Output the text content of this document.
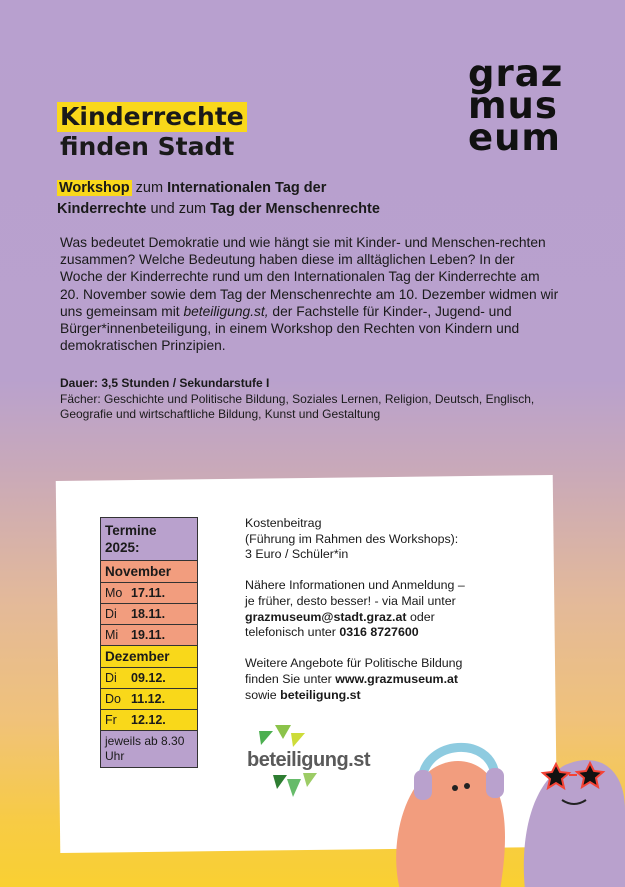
graz
mus
eum
Kinderrechte
finden Stadt
Workshop zum Internationalen Tag der
Kinderrechte und zum Tag der Menschenrechte
Was bedeutet Demokratie und wie hängt sie mit Kinder- und Menschen-rechten zusammen? Welche Bedeutung haben diese im alltäglichen Leben? In der Woche der Kinderrechte rund um den Internationalen Tag der Kinderrechte am 20. November sowie dem Tag der Menschenrechte am 10. Dezember widmen wir uns gemeinsam mit beteiligung.st, der Fachstelle für Kinder-, Jugend- und Bürger*innenbeteiligung, in einem Workshop den Rechten von Kindern und demokratischen Prinzipien.
Dauer: 3,5 Stunden / Sekundarstufe I
Fächer: Geschichte und Politische Bildung, Soziales Lernen, Religion, Deutsch, Englisch, Geografie und wirtschaftliche Bildung, Kunst und Gestaltung
Termine 2025:
November
Mo 17.11.
Di	18.11.
Mi	19.11.
Dezember
Di	09.12.
Do 11.12.
Fr	12.12.
jeweils ab 8.30 Uhr

Kostenbeitrag
(Führung im Rahmen des Workshops):
3 Euro / Schüler*in

Nähere Informationen und Anmeldung –
je früher, desto besser! - via Mail unter
grazmuseum@stadt.graz.at oder
telefonisch unter 0316 8727600

Weitere Angebote für Politische Bildung
finden Sie unter www.grazmuseum.at
sowie beteiligung.st

beteiligung.st
